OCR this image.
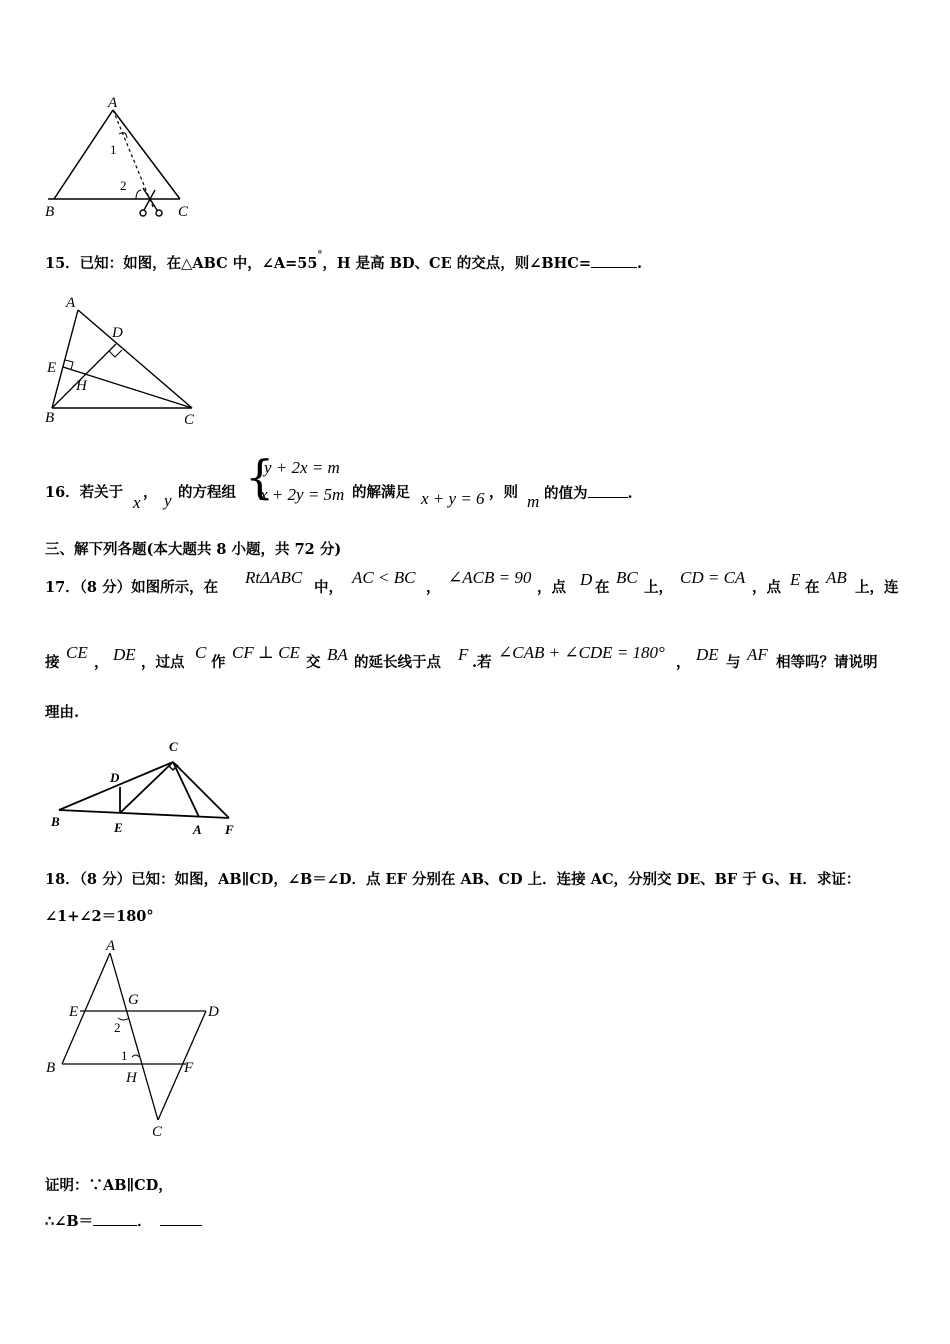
A
B	C
1
2
15．已知：如图，在△ABC 中，∠A=55°，H 是高 BD、CE 的交点，则∠BHC=	.
A
D
E
H
B	C
16．若关于
x
， y 的方程组 {
y + 2x = m
x + 2y = 5m 的解满足 x + y = 6 ，则 m 的值为	.
三、解下列各题(本大题共 8 小题，共 72 分)
17．（8 分）如图所示，在
RtΔABC
中，
AC < BC
，
∠ACB = 90
，点 D 在
BC
上，
CD = CA
，点 E 在
AB
上，连
接
CE
， DE ，过点
C
作
CF ⊥ CE
交 BA 的延长线于点 F .若
∠CAB + ∠CDE = 180°
， DE 与 AF 相等吗？请说明
理由.
B
D
E
C
A F
18．（8 分）已知：如图，AB∥CD，∠B＝∠D．点 EF 分别在 AB、CD 上．连接 AC，分别交 DE、BF 于 G、H．求证：
∠1+∠2＝180°
A
E
G
D
2
1
B
H
F
C
证明：∵AB∥CD，
∴∠B＝	．
